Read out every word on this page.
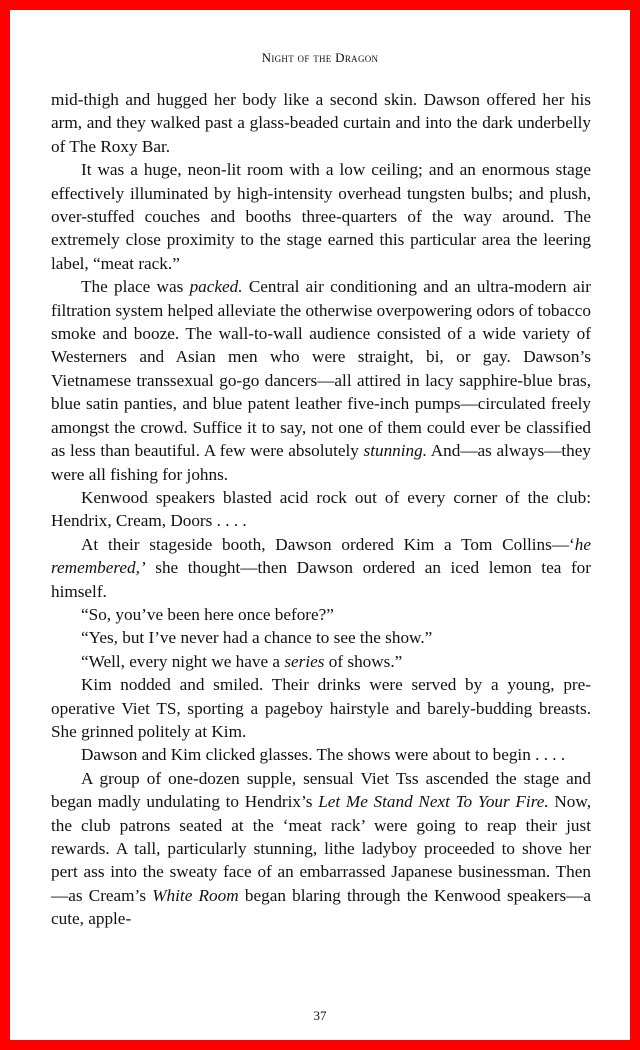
Night of the Dragon

mid-thigh and hugged her body like a second skin. Dawson offered her his arm, and they walked past a glass-beaded curtain and into the dark underbelly of The Roxy Bar.

It was a huge, neon-lit room with a low ceiling; and an enormous stage effectively illuminated by high-intensity overhead tungsten bulbs; and plush, over-stuffed couches and booths three-quarters of the way around. The extremely close proximity to the stage earned this particular area the leering label, “meat rack.”

The place was packed. Central air conditioning and an ultra-modern air filtration system helped alleviate the otherwise overpowering odors of tobacco smoke and booze. The wall-to-wall audience consisted of a wide variety of Westerners and Asian men who were straight, bi, or gay. Dawson’s Vietnamese transsexual go-go dancers—all attired in lacy sapphire-blue bras, blue satin panties, and blue patent leather five-inch pumps—circulated freely amongst the crowd. Suffice it to say, not one of them could ever be classified as less than beautiful. A few were absolutely stunning. And—as always—they were all fishing for johns.

Kenwood speakers blasted acid rock out of every corner of the club: Hendrix, Cream, Doors . . . .

At their stageside booth, Dawson ordered Kim a Tom Collins—‘he remembered,’ she thought—then Dawson ordered an iced lemon tea for himself.

“So, you’ve been here once before?”

“Yes, but I’ve never had a chance to see the show.”

“Well, every night we have a series of shows.”

Kim nodded and smiled. Their drinks were served by a young, pre-operative Viet TS, sporting a pageboy hairstyle and barely-budding breasts. She grinned politely at Kim.

Dawson and Kim clicked glasses. The shows were about to begin . . . .

A group of one-dozen supple, sensual Viet Tss ascended the stage and began madly undulating to Hendrix’s Let Me Stand Next To Your Fire. Now, the club patrons seated at the ‘meat rack’ were going to reap their just rewards. A tall, particularly stunning, lithe ladyboy proceeded to shove her pert ass into the sweaty face of an embarrassed Japanese businessman. Then—as Cream’s White Room began blaring through the Kenwood speakers—a cute, apple-

37
